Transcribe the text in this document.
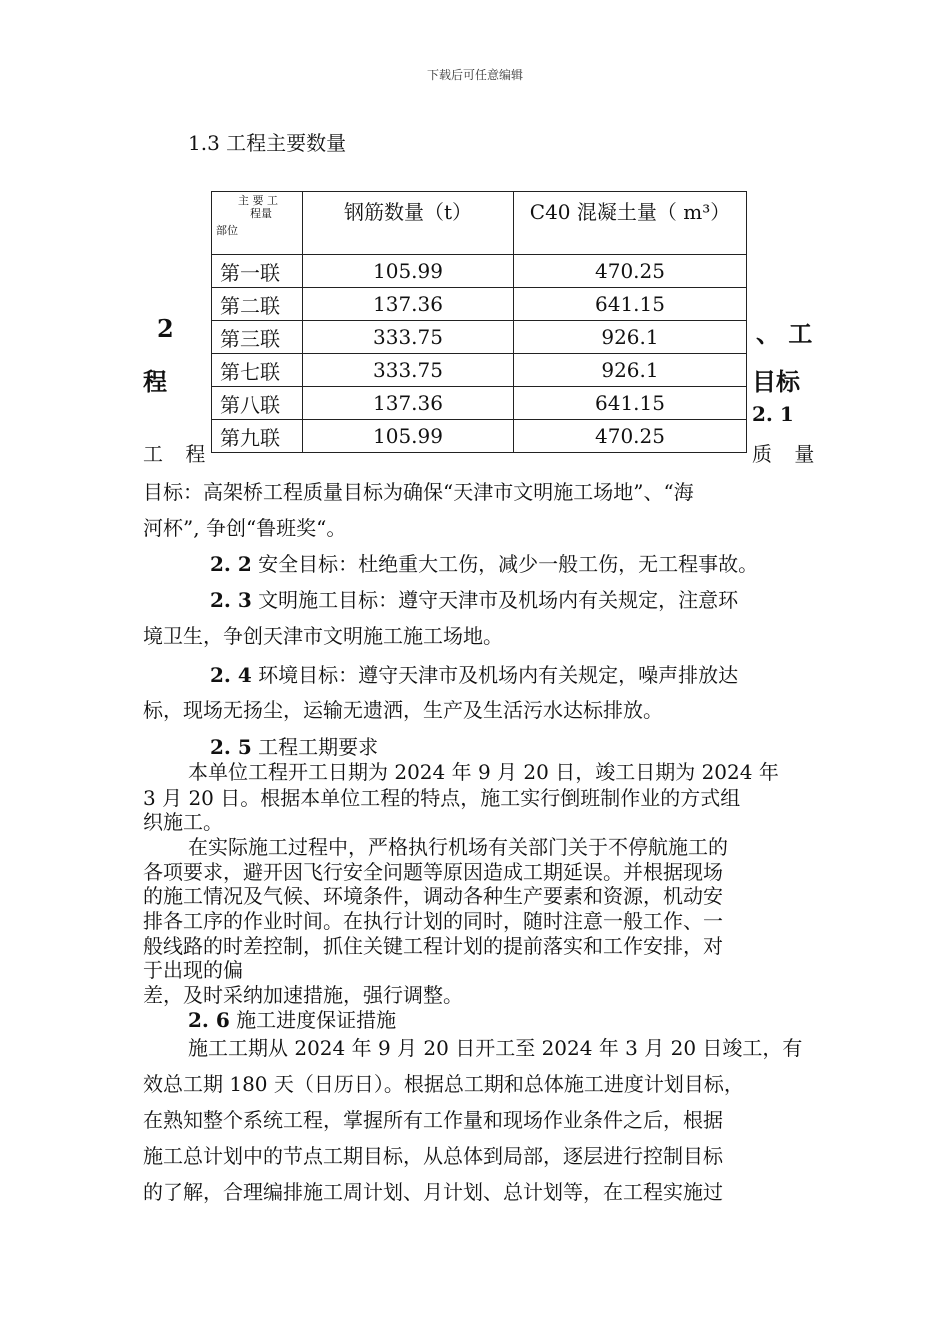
下载后可任意编辑
1.3 工程主要数量
主 要 工
程量
部位	钢筋数量（t）	C40 混凝土量（ m³）

第一联	105.99	470.25
第二联	137.36	641.15
第三联	333.75	926.1
第七联	333.75	926.1
第八联	137.36	641.15
第九联	105.99	470.25
2
程
、 工
目标
2. 1
工 程	质 量
目标：高架桥工程质量目标为确保“天津市文明施工场地”、“海
河杯”, 争创“鲁班奖“。
2. 2 安全目标：杜绝重大工伤，减少一般工伤，无工程事故。
2. 3 文明施工目标：遵守天津市及机场内有关规定，注意环
境卫生，争创天津市文明施工施工场地。
2. 4 环境目标：遵守天津市及机场内有关规定，噪声排放达
标，现场无扬尘，运输无遗洒，生产及生活污水达标排放。
2. 5 工程工期要求
本单位工程开工日期为 2024 年 9 月 20 日，竣工日期为 2024 年
3 月 20 日。根据本单位工程的特点，施工实行倒班制作业的方式组
织施工。
在实际施工过程中，严格执行机场有关部门关于不停航施工的
各项要求，避开因飞行安全问题等原因造成工期延误。并根据现场
的施工情况及气候、环境条件，调动各种生产要素和资源，机动安
排各工序的作业时间。在执行计划的同时，随时注意一般工作、一
般线路的时差控制，抓住关键工程计划的提前落实和工作安排，对
于出现的偏
差，及时采纳加速措施，强行调整。
2. 6 施工进度保证措施
施工工期从 2024 年 9 月 20 日开工至 2024 年 3 月 20 日竣工，有
效总工期 180 天（日历日）。根据总工期和总体施工进度计划目标，
在熟知整个系统工程，掌握所有工作量和现场作业条件之后，根据
施工总计划中的节点工期目标，从总体到局部，逐层进行控制目标
的了解，合理编排施工周计划、月计划、总计划等，在工程实施过
